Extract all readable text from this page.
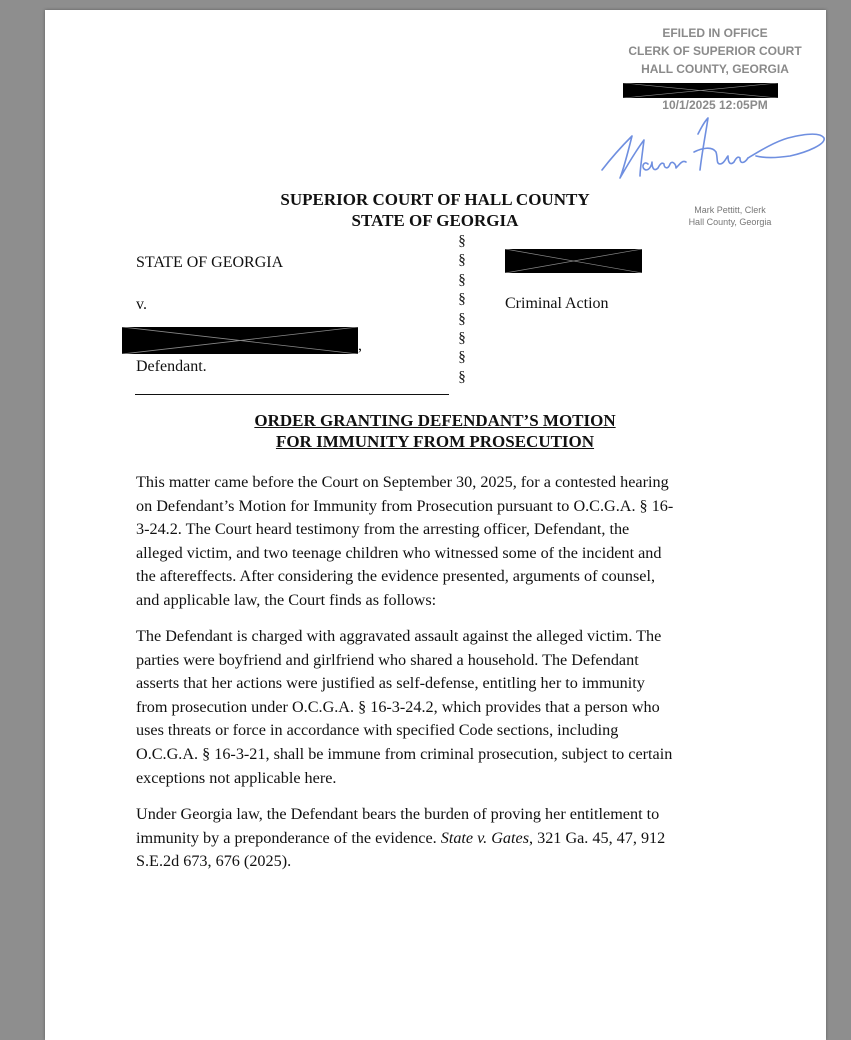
EFILED IN OFFICE
CLERK OF SUPERIOR COURT
HALL COUNTY, GEORGIA
10/1/2025 12:05PM
Mark Pettitt, Clerk
Hall County, Georgia
SUPERIOR COURT OF HALL COUNTY
STATE OF GEORGIA
STATE OF GEORGIA
v.
,
Defendant.
§
§
§
§
§
§
§
§
Criminal Action
ORDER GRANTING DEFENDANT’S MOTION
FOR IMMUNITY FROM PROSECUTION
This matter came before the Court on September 30, 2025, for a contested hearing
on Defendant’s Motion for Immunity from Prosecution pursuant to O.C.G.A. § 16-
3-24.2. The Court heard testimony from the arresting officer, Defendant, the
alleged victim, and two teenage children who witnessed some of the incident and
the aftereffects. After considering the evidence presented, arguments of counsel,
and applicable law, the Court finds as follows:
The Defendant is charged with aggravated assault against the alleged victim. The
parties were boyfriend and girlfriend who shared a household. The Defendant
asserts that her actions were justified as self-defense, entitling her to immunity
from prosecution under O.C.G.A. § 16-3-24.2, which provides that a person who
uses threats or force in accordance with specified Code sections, including
O.C.G.A. § 16-3-21, shall be immune from criminal prosecution, subject to certain
exceptions not applicable here.
Under Georgia law, the Defendant bears the burden of proving her entitlement to
immunity by a preponderance of the evidence. State v. Gates, 321 Ga. 45, 47, 912
S.E.2d 673, 676 (2025).
